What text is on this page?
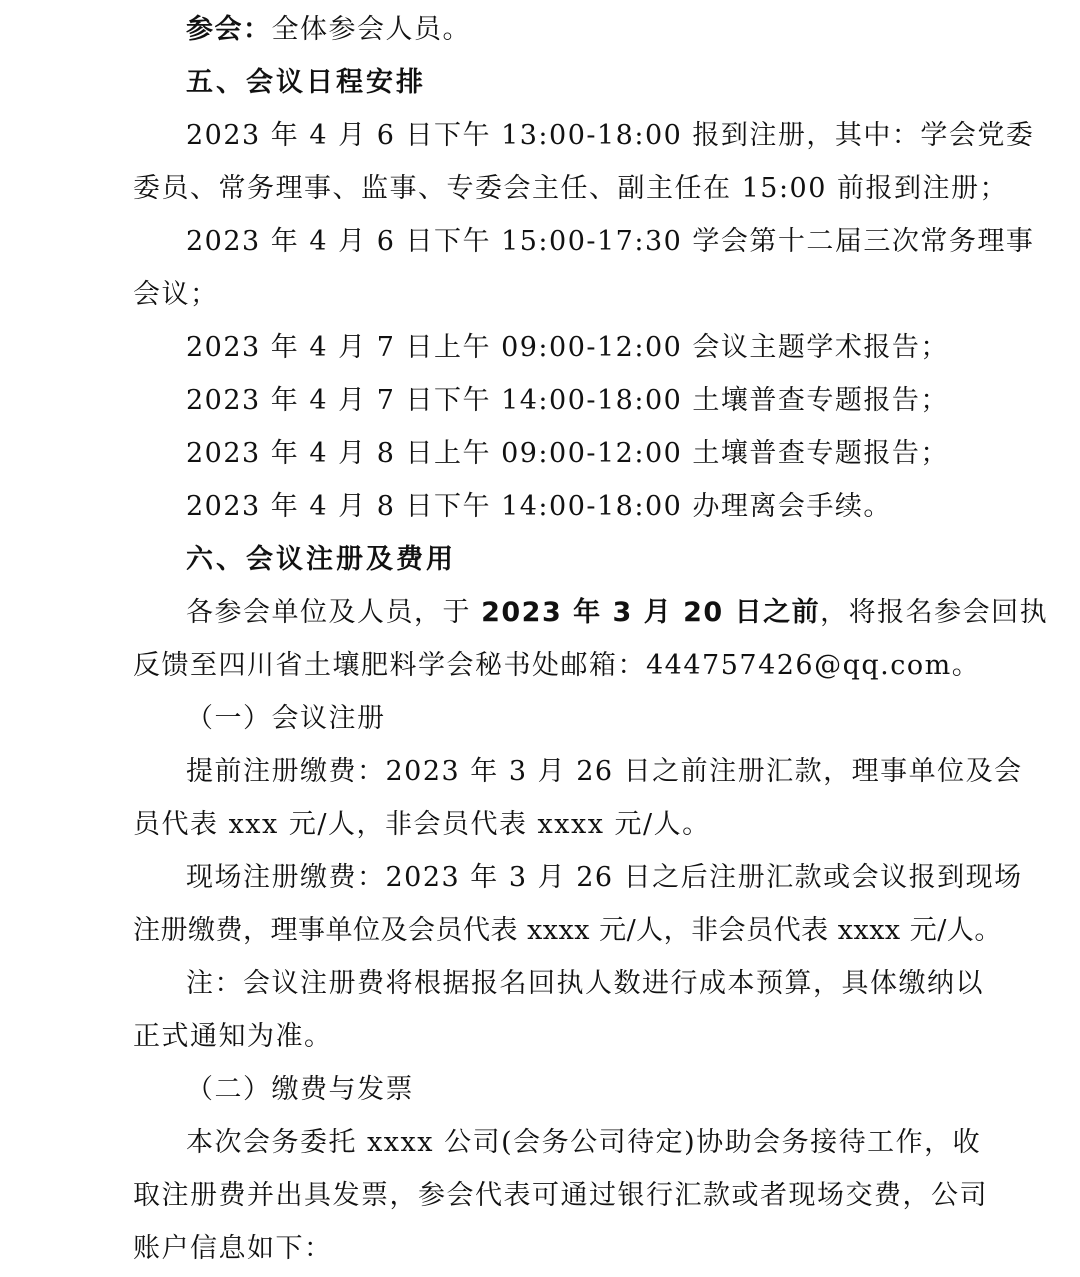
参会：全体参会人员。
五、会议日程安排
2023 年 4 月 6 日下午 13:00-18:00 报到注册，其中：学会党委
委员、常务理事、监事、专委会主任、副主任在 15:00 前报到注册；
2023 年 4 月 6 日下午 15:00-17:30 学会第十二届三次常务理事
会议；
2023 年 4 月 7 日上午 09:00-12:00 会议主题学术报告；
2023 年 4 月 7 日下午 14:00-18:00 土壤普查专题报告；
2023 年 4 月 8 日上午 09:00-12:00 土壤普查专题报告；
2023 年 4 月 8 日下午 14:00-18:00 办理离会手续。
六、会议注册及费用
各参会单位及人员，于 2023 年 3 月 20 日之前，将报名参会回执
反馈至四川省土壤肥料学会秘书处邮箱：444757426@qq.com。
（一）会议注册
提前注册缴费：2023 年 3 月 26 日之前注册汇款，理事单位及会
员代表 xxx 元/人，非会员代表 xxxx 元/人。
现场注册缴费：2023 年 3 月 26 日之后注册汇款或会议报到现场
注册缴费，理事单位及会员代表 xxxx 元/人，非会员代表 xxxx 元/人。
注：会议注册费将根据报名回执人数进行成本预算，具体缴纳以
正式通知为准。
（二）缴费与发票
本次会务委托 xxxx 公司(会务公司待定)协助会务接待工作，收
取注册费并出具发票，参会代表可通过银行汇款或者现场交费，公司
账户信息如下：
